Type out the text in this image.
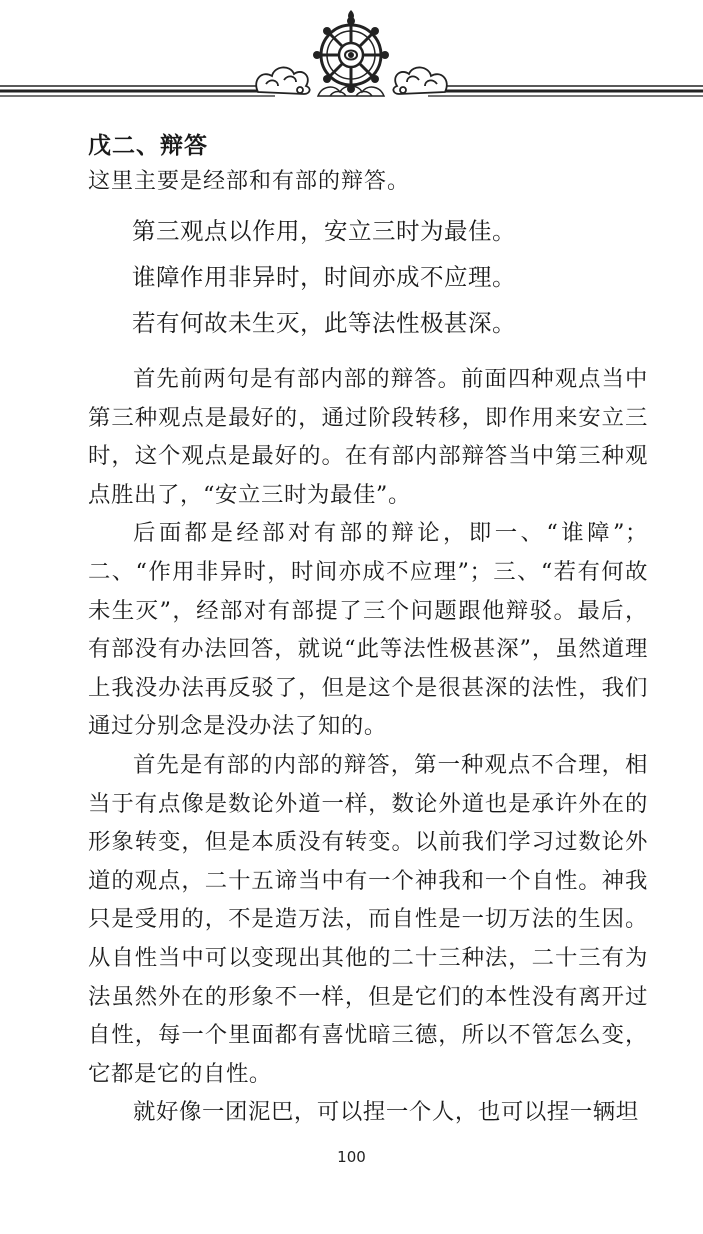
戊二、辩答

这里主要是经部和有部的辩答。

第三观点以作用，安立三时为最佳。
谁障作用非异时，时间亦成不应理。
若有何故未生灭，此等法性极甚深。

首先前两句是有部内部的辩答。前面四种观点当中第三种观点是最好的，通过阶段转移，即作用来安立三时，这个观点是最好的。在有部内部辩答当中第三种观点胜出了，“安立三时为最佳”。

后面都是经部对有部的辩论，即一、“谁障”；二、“作用非异时，时间亦成不应理”；三、“若有何故未生灭”，经部对有部提了三个问题跟他辩驳。最后，有部没有办法回答，就说“此等法性极甚深”，虽然道理上我没办法再反驳了，但是这个是很甚深的法性，我们通过分别念是没办法了知的。

首先是有部的内部的辩答，第一种观点不合理，相当于有点像是数论外道一样，数论外道也是承许外在的形象转变，但是本质没有转变。以前我们学习过数论外道的观点，二十五谛当中有一个神我和一个自性。神我只是受用的，不是造万法，而自性是一切万法的生因。从自性当中可以变现出其他的二十三种法，二十三有为法虽然外在的形象不一样，但是它们的本性没有离开过自性，每一个里面都有喜忧暗三德，所以不管怎么变，它都是它的自性。

就好像一团泥巴，可以捏一个人，也可以捏一辆坦

100
